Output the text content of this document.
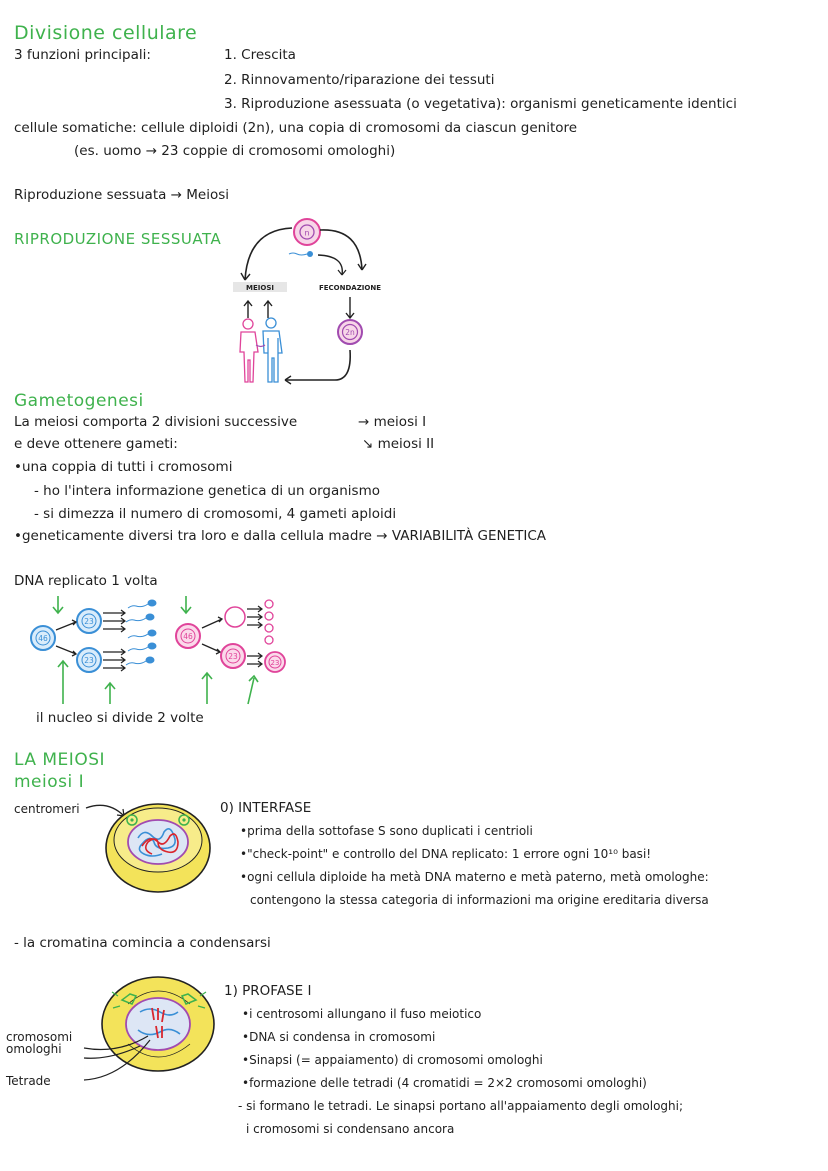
Divisione cellulare
3 funzioni principali:	1. Crescita
2. Rinnovamento/riparazione dei tessuti
3. Riproduzione asessuata (o vegetativa): organismi geneticamente identici
cellule somatiche: cellule diploidi (2n), una copia di cromosomi da ciascun genitore
(es. uomo → 23 coppie di cromosomi omologhi)
Riproduzione sessuata → Meiosi
RIPRODUZIONE SESSUATA	n
2n
MEIOSI	FECONDAZIONE
Gametogenesi
La meiosi comporta 2 divisioni successive	→ meiosi I
e deve ottenere gameti:	↘ meiosi II
•una coppia di tutti i cromosomi
- ho l'intera informazione genetica di un organismo
- si dimezza il numero di cromosomi, 4 gameti aploidi
•geneticamente diversi tra loro e dalla cellula madre → VARIABILITÀ GENETICA
DNA replicato 1 volta
46
23
23
46
23
23
il nucleo si divide 2 volte
LA MEIOSI
meiosi I
centromeri	0) INTERFASE
•prima della sottofase S sono duplicati i centrioli
•"check-point" e controllo del DNA replicato: 1 errore ogni 10¹⁰ basi!
•ogni cellula diploide ha metà DNA materno e metà paterno, metà omologhe:
contengono la stessa categoria di informazioni ma origine ereditaria diversa
- la cromatina comincia a condensarsi
cromosomi
omologhi
Tetrade
1) PROFASE I
•i centrosomi allungano il fuso meiotico
•DNA si condensa in cromosomi
•Sinapsi (= appaiamento) di cromosomi omologhi
•formazione delle tetradi (4 cromatidi = 2×2 cromosomi omologhi)
- si formano le tetradi. Le sinapsi portano all'appaiamento degli omologhi;
i cromosomi si condensano ancora
